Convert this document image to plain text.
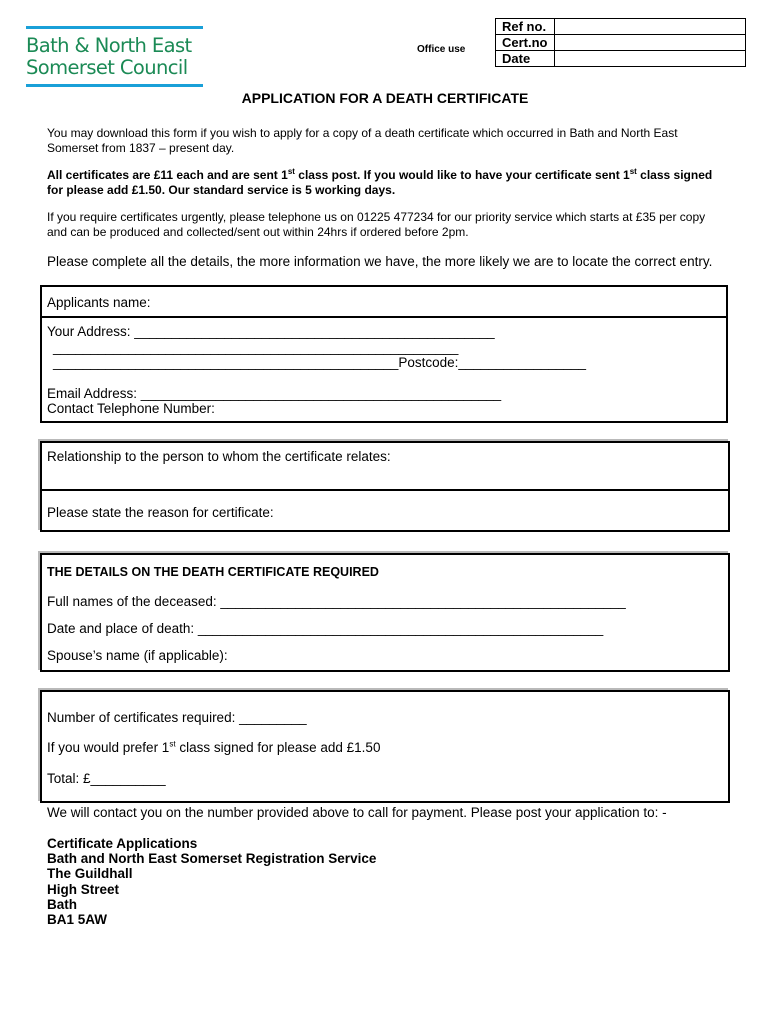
Bath & North East
Somerset Council
Office use
Ref no.	
Cert.no	
Date	
APPLICATION FOR A DEATH CERTIFICATE
You may download this form if you wish to apply for a copy of a death certificate which occurred in Bath and North East Somerset from 1837 – present day.
All certificates are £11 each and are sent 1st class post. If you would like to have your certificate sent 1st class signed for please add £1.50. Our standard service is 5 working days.
If you require certificates urgently, please telephone us on 01225 477234 for our priority service which starts at £35 per copy and can be produced and collected/sent out within 24hrs if ordered before 2pm.
Please complete all the details, the more information we have, the more likely we are to locate the correct entry.
Applicants name:
Your Address: ________________________________________________
______________________________________________________
______________________________________________Postcode:_________________
Email Address: ________________________________________________
Contact Telephone Number:
Relationship to the person to whom the certificate relates:
Please state the reason for certificate:
THE DETAILS ON THE DEATH CERTIFICATE REQUIRED
Full names of the deceased: ______________________________________________________
Date and place of death: ______________________________________________________
Spouse’s name (if applicable):
Number of certificates required: _________
If you would prefer 1st class signed for please add £1.50
Total: £__________
We will contact you on the number provided above to call for payment. Please post your application to: -
Certificate Applications
Bath and North East Somerset Registration Service
The Guildhall
High Street
Bath
BA1 5AW
